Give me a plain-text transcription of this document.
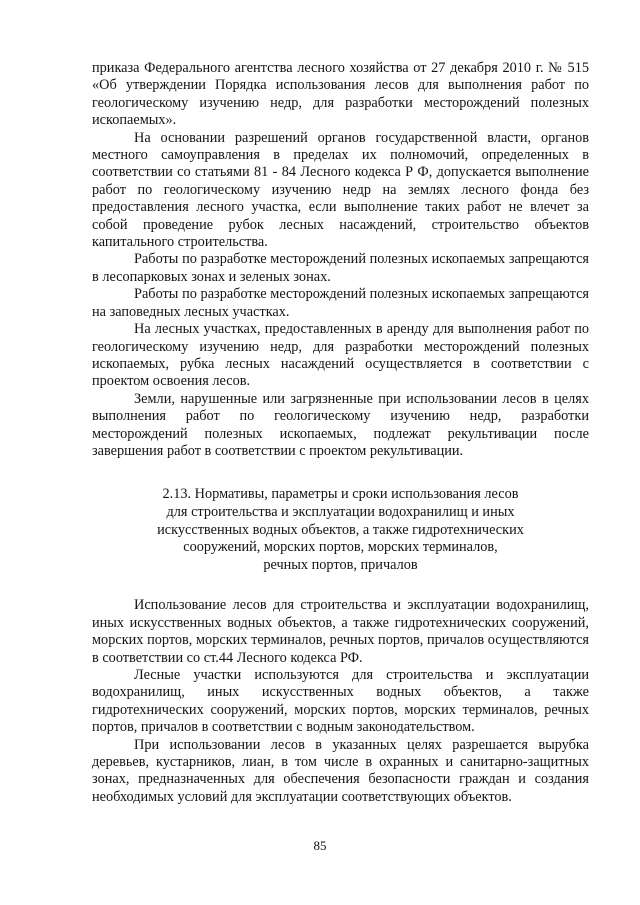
приказа Федерального агентства лесного хозяйства от 27 декабря 2010 г. № 515 «Об утверждении Порядка использования лесов для выполнения работ по геологическому изучению недр, для разработки месторождений полезных ископаемых».

На основании разрешений органов государственной власти, органов местного самоуправления в пределах их полномочий, определенных в соответствии со статьями 81 - 84 Лесного кодекса Р Ф, допускается выполнение работ по геологическому изучению недр на землях лесного фонда без предоставления лесного участка, если выполнение таких работ не влечет за собой проведение рубок лесных насаждений, строительство объектов капитального строительства.

Работы по разработке месторождений полезных ископаемых запрещаются в лесопарковых зонах и зеленых зонах.

Работы по разработке месторождений полезных ископаемых запрещаются на заповедных лесных участках.

На лесных участках, предоставленных в аренду для выполнения работ по геологическому изучению недр, для разработки месторождений полезных ископаемых, рубка лесных насаждений осуществляется в соответствии с проектом освоения лесов.

Земли, нарушенные или загрязненные при использовании лесов в целях выполнения работ по геологическому изучению недр, разработки месторождений полезных ископаемых, подлежат рекультивации после завершения работ в соответствии с проектом рекультивации.

2.13. Нормативы, параметры и сроки использования лесов
для строительства и эксплуатации водохранилищ и иных
искусственных водных объектов, а также гидротехнических
сооружений, морских портов, морских терминалов,
речных портов, причалов

Использование лесов для строительства и эксплуатации водохранилищ, иных искусственных водных объектов, а также гидротехнических сооружений, морских портов, морских терминалов, речных портов, причалов осуществляются в соответствии со ст.44 Лесного кодекса РФ.

Лесные участки используются для строительства и эксплуатации водохранилищ, иных искусственных водных объектов, а также гидротехнических сооружений, морских портов, морских терминалов, речных портов, причалов в соответствии с водным законодательством.

При использовании лесов в указанных целях разрешается вырубка деревьев, кустарников, лиан, в том числе в охранных и санитарно-защитных зонах, предназначенных для обеспечения безопасности граждан и создания необходимых условий для эксплуатации соответствующих объектов.

85
